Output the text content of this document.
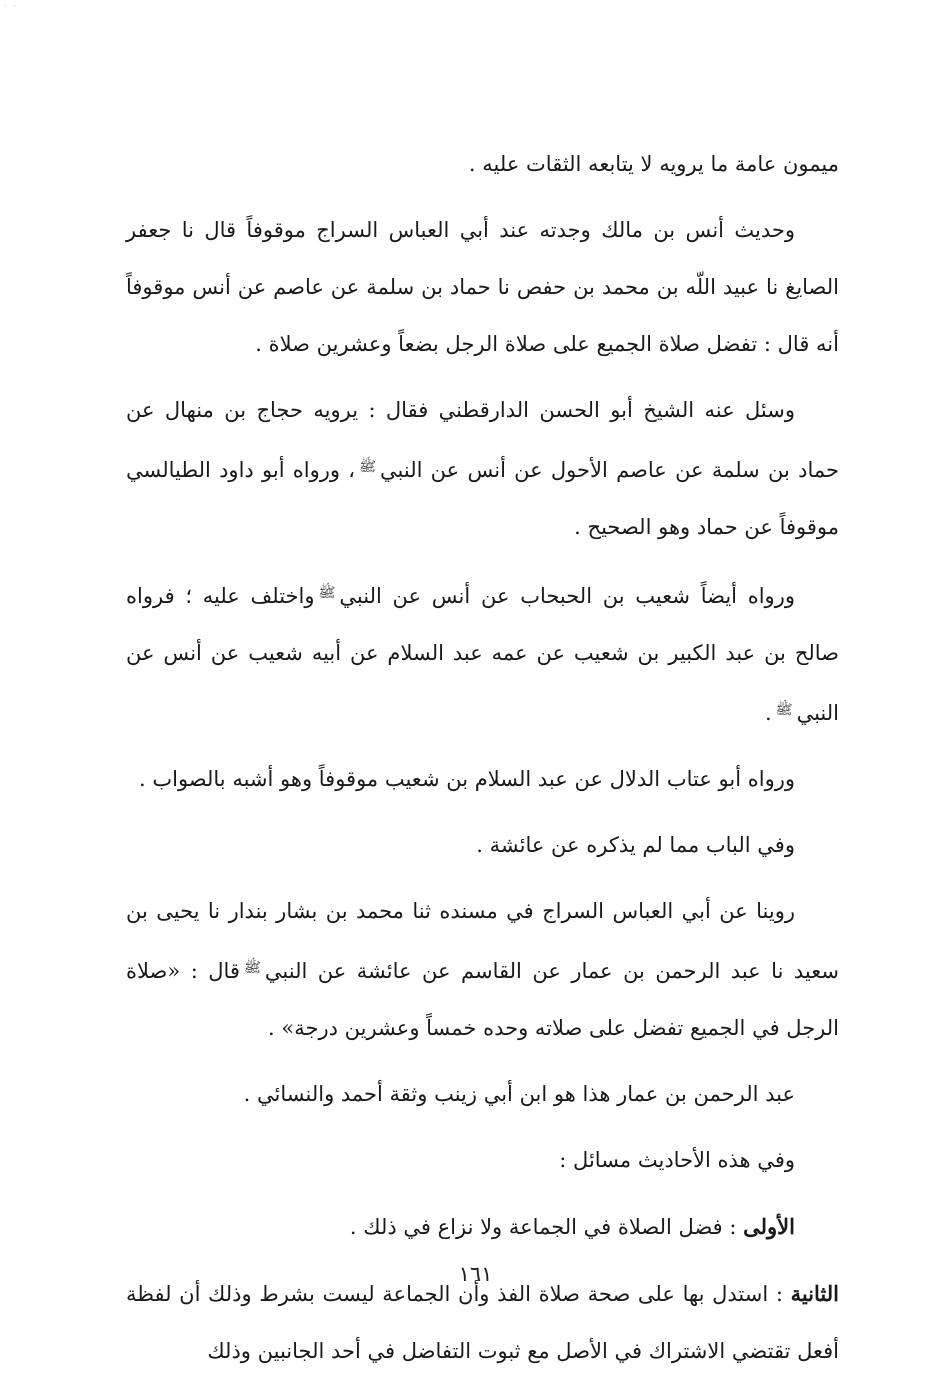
· ·

ميمون عامة ما يرويه لا يتابعه الثقات عليه .

وحديث أنس بن مالك وجدته عند أبي العباس السراج موقوفاً قال نا جعفر الصايغ نا عبيد اللّه بن محمد بن حفص نا حماد بن سلمة عن عاصم عن أنس موقوفاً أنه قال : تفضل صلاة الجميع على صلاة الرجل بضعاً وعشرين صلاة .

وسئل عنه الشيخ أبو الحسن الدارقطني فقال : يرويه حجاج بن منهال عن حماد بن سلمة عن عاصم الأحول عن أنس عن النبي$^ﷺ$، ورواه أبو داود الطيالسي موقوفاً عن حماد وهو الصحيح .

ورواه أيضاً شعيب بن الحبحاب عن أنس عن النبي$^ﷺ$واختلف عليه ؛ فرواه صالح بن عبد الكبير بن شعيب عن عمه عبد السلام عن أبيه شعيب عن أنس عن النبي$^ﷺ$.

ورواه أبو عتاب الدلال عن عبد السلام بن شعيب موقوفاً وهو أشبه بالصواب .

وفي الباب مما لم يذكره عن عائشة .

روينا عن أبي العباس السراج في مسنده ثنا محمد بن بشار بندار نا يحيى بن سعيد نا عبد الرحمن بن عمار عن القاسم عن عائشة عن النبي$^ﷺ$قال : «صلاة الرجل في الجميع تفضل على صلاته وحده خمساً وعشرين درجة» .

عبد الرحمن بن عمار هذا هو ابن أبي زينب وثقة أحمد والنسائي .

وفي هذه الأحاديث مسائل :

الأولى : فضل الصلاة في الجماعة ولا نزاع في ذلك .

الثانية : استدل بها على صحة صلاة الفذ وأن الجماعة ليست بشرط وذلك أن لفظة أفعل تقتضي الاشتراك في الأصل مع ثبوت التفاضل في أحد الجانبين وذلك

١٦١
